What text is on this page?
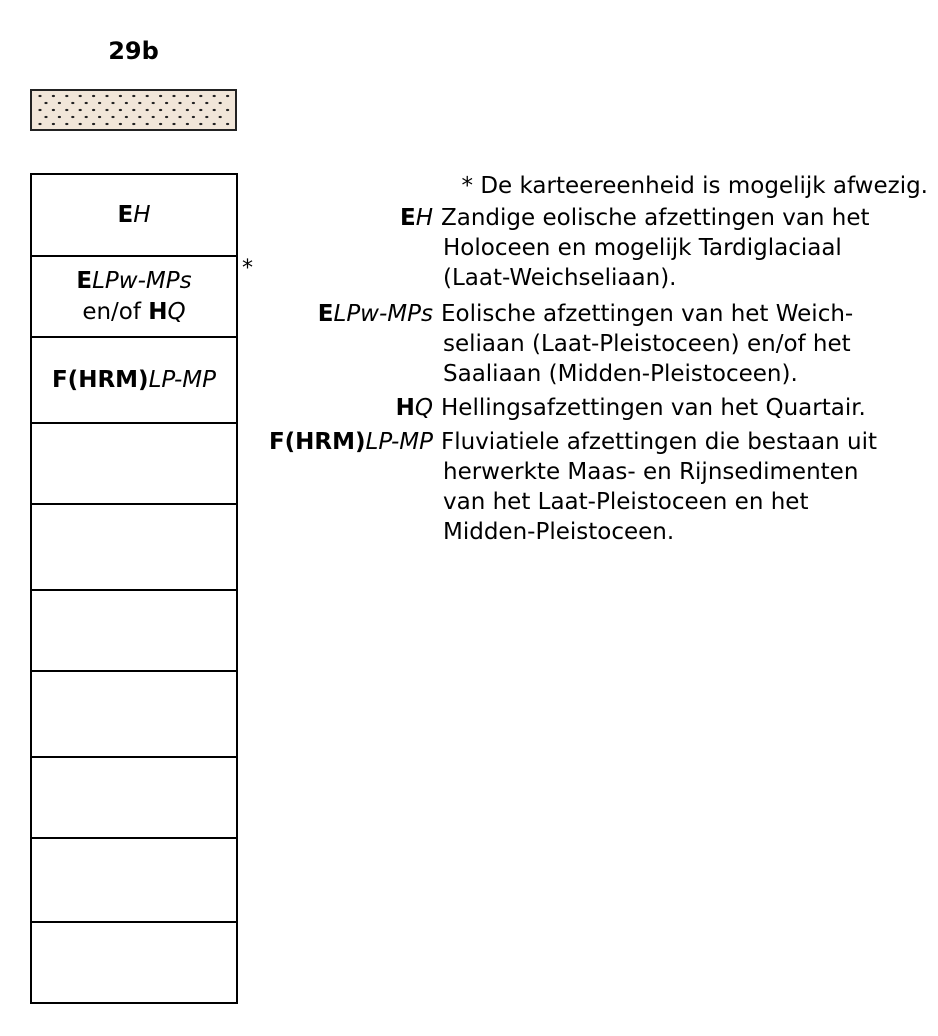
29b
EH
ELPw-MPs
en/of HQ
F(HRM)LP-MP
*
* De karteereenheid is mogelijk afwezig.
EH Zandige eolische afzettingen van het
Holoceen en mogelijk Tardiglaciaal
(Laat-Weichseliaan).
ELPw-MPs Eolische afzettingen van het Weich-
seliaan (Laat-Pleistoceen) en/of het
Saaliaan (Midden-Pleistoceen).
HQ Hellingsafzettingen van het Quartair.
F(HRM)LP-MP Fluviatiele afzettingen die bestaan uit
herwerkte Maas- en Rijnsedimenten
van het Laat-Pleistoceen en het
Midden-Pleistoceen.
